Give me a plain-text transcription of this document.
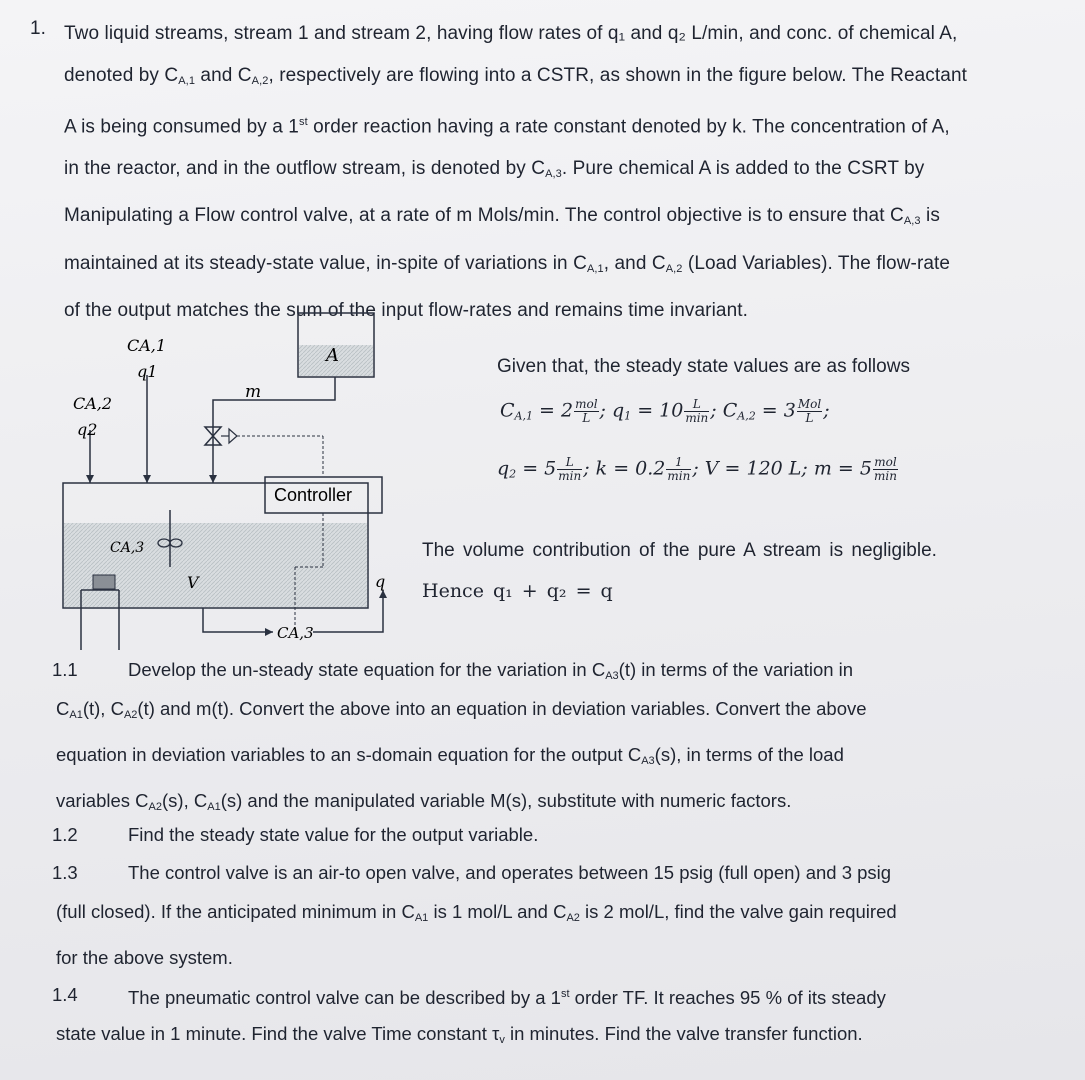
1. Two liquid streams, stream 1 and stream 2, having flow rates of q₁ and q₂ L/min, and conc. of chemical A,
denoted by $C_{A,1}$ and $C_{A,2}$, respectively are flowing into a CSTR, as shown in the figure below. The Reactant
A is being consumed by a 1st order reaction having a rate constant denoted by k. The concentration of A,
in the reactor, and in the outflow stream, is denoted by $C_{A,3}$. Pure chemical A is added to the CSRT by
Manipulating a Flow control valve, at a rate of m Mols/min. The control objective is to ensure that $C_{A,3}$ is
maintained at its steady-state value, in-spite of variations in $C_{A,1}$, and $C_{A,2}$ (Load Variables). The flow-rate
of the output matches the sum of the input flow-rates and remains time invariant.
CA,1
q1
CA,2
q2
m
A
Controller
CA,3
V	q
CA,3
Given that, the steady state values are as follows
$C_{A,1} = 2 \frac{\text{mol}}{L}$ ; $q_1 = 10 \frac{L}{\min}$ ; $C_{A,2} = 3 \frac{\text{Mol}}{L}$ ;
$q_2 = 5 \frac{L}{\min}$ ; $k = 0.2 \frac{1}{\min}$ ; V = 120 L; $m = 5 \frac{\text{mol}}{\min}$
The volume contribution of the pure A stream is negligible.
Hence q₁ + q₂ = q
1.1	Develop the un-steady state equation for the variation in $C_{A3}(t)$ in terms of the variation in
$C_{A1}(t)$, $C_{A2}(t)$ and m(t). Convert the above into an equation in deviation variables. Convert the above
equation in deviation variables to an s-domain equation for the output $C_{A3}(s)$, in terms of the load
variables $C_{A2}(s)$, $C_{A1}(s)$ and the manipulated variable M(s), substitute with numeric factors.
1.2	Find the steady state value for the output variable.
1.3	The control valve is an air-to open valve, and operates between 15 psig (full open) and 3 psig
(full closed). If the anticipated minimum in $C_{A1}$ is 1 mol/L and $C_{A2}$ is 2 mol/L, find the valve gain required
for the above system.
1.4	The pneumatic control valve can be described by a 1st order TF. It reaches 95 % of its steady
state value in 1 minute. Find the valve Time constant $\tau_v$ in minutes. Find the valve transfer function.
